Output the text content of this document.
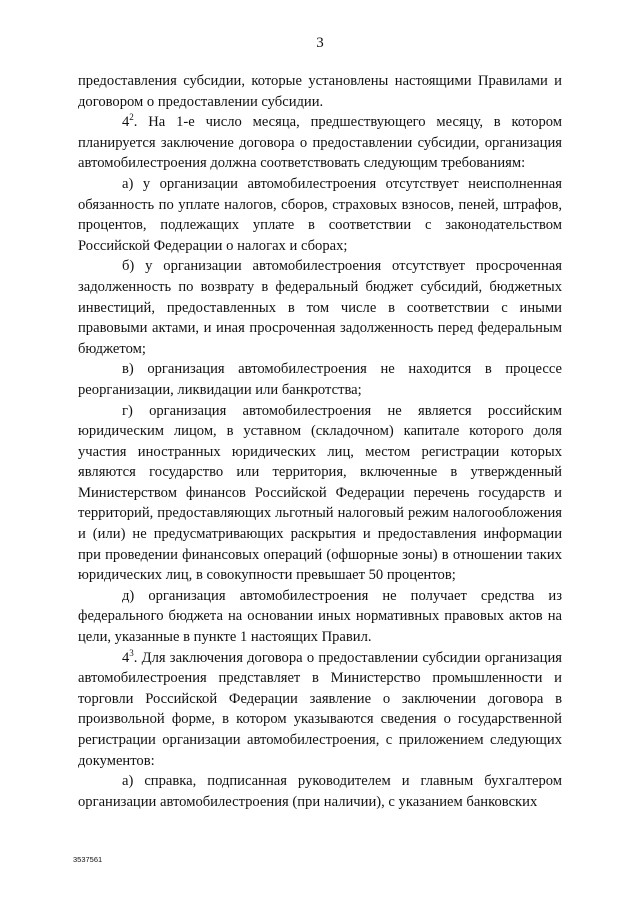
3

предоставления субсидии, которые установлены настоящими Правилами и договором о предоставлении субсидии.

$4^2$. На 1-е число месяца, предшествующего месяцу, в котором планируется заключение договора о предоставлении субсидии, организация автомобилестроения должна соответствовать следующим требованиям:

а) у организации автомобилестроения отсутствует неисполненная обязанность по уплате налогов, сборов, страховых взносов, пеней, штрафов, процентов, подлежащих уплате в соответствии с законодательством Российской Федерации о налогах и сборах;

б) у организации автомобилестроения отсутствует просроченная задолженность по возврату в федеральный бюджет субсидий, бюджетных инвестиций, предоставленных в том числе в соответствии с иными правовыми актами, и иная просроченная задолженность перед федеральным бюджетом;

в) организация автомобилестроения не находится в процессе реорганизации, ликвидации или банкротства;

г) организация автомобилестроения не является российским юридическим лицом, в уставном (складочном) капитале которого доля участия иностранных юридических лиц, местом регистрации которых являются государство или территория, включенные в утвержденный Министерством финансов Российской Федерации перечень государств и территорий, предоставляющих льготный налоговый режим налогообложения и (или) не предусматривающих раскрытия и предоставления информации при проведении финансовых операций (офшорные зоны) в отношении таких юридических лиц, в совокупности превышает 50 процентов;

д) организация автомобилестроения не получает средства из федерального бюджета на основании иных нормативных правовых актов на цели, указанные в пункте 1 настоящих Правил.

$4^3$. Для заключения договора о предоставлении субсидии организация автомобилестроения представляет в Министерство промышленности и торговли Российской Федерации заявление о заключении договора в произвольной форме, в котором указываются сведения о государственной регистрации организации автомобилестроения, с приложением следующих документов:

а) справка, подписанная руководителем и главным бухгалтером организации автомобилестроения (при наличии), с указанием банковских

3537561
